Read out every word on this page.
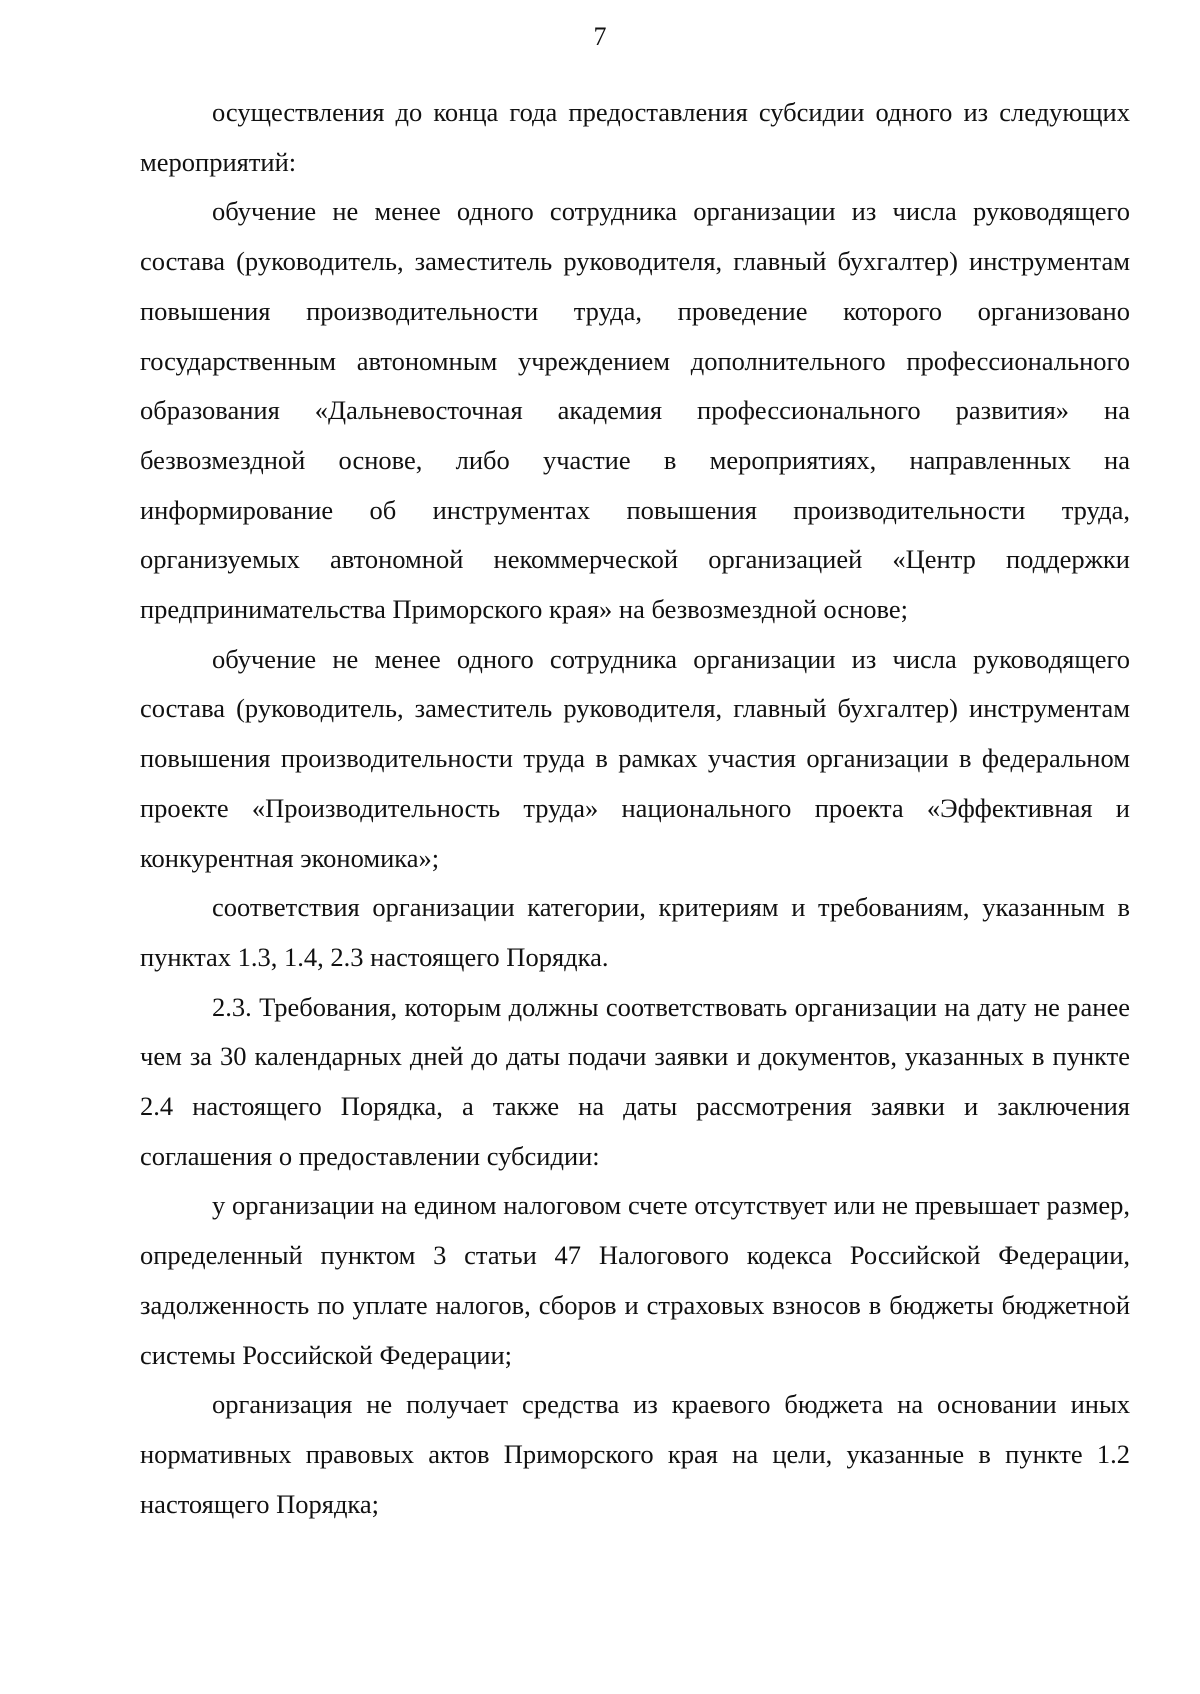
7

осуществления до конца года предоставления субсидии одного из следующих мероприятий:

обучение не менее одного сотрудника организации из числа руководящего состава (руководитель, заместитель руководителя, главный бухгалтер) инструментам повышения производительности труда, проведение которого организовано государственным автономным учреждением дополнительного профессионального образования «Дальневосточная академия профессионального развития» на безвозмездной основе, либо участие в мероприятиях, направленных на информирование об инструментах повышения производительности труда, организуемых автономной некоммерческой организацией «Центр поддержки предпринимательства Приморского края» на безвозмездной основе;

обучение не менее одного сотрудника организации из числа руководящего состава (руководитель, заместитель руководителя, главный бухгалтер) инструментам повышения производительности труда в рамках участия организации в федеральном проекте «Производительность труда» национального проекта «Эффективная и конкурентная экономика»;

соответствия организации категории, критериям и требованиям, указанным в пунктах 1.3, 1.4, 2.3 настоящего Порядка.

2.3. Требования, которым должны соответствовать организации на дату не ранее чем за 30 календарных дней до даты подачи заявки и документов, указанных в пункте 2.4 настоящего Порядка, а также на даты рассмотрения заявки и заключения соглашения о предоставлении субсидии:

у организации на едином налоговом счете отсутствует или не превышает размер, определенный пунктом 3 статьи 47 Налогового кодекса Российской Федерации, задолженность по уплате налогов, сборов и страховых взносов в бюджеты бюджетной системы Российской Федерации;

организация не получает средства из краевого бюджета на основании иных нормативных правовых актов Приморского края на цели, указанные в пункте 1.2 настоящего Порядка;
